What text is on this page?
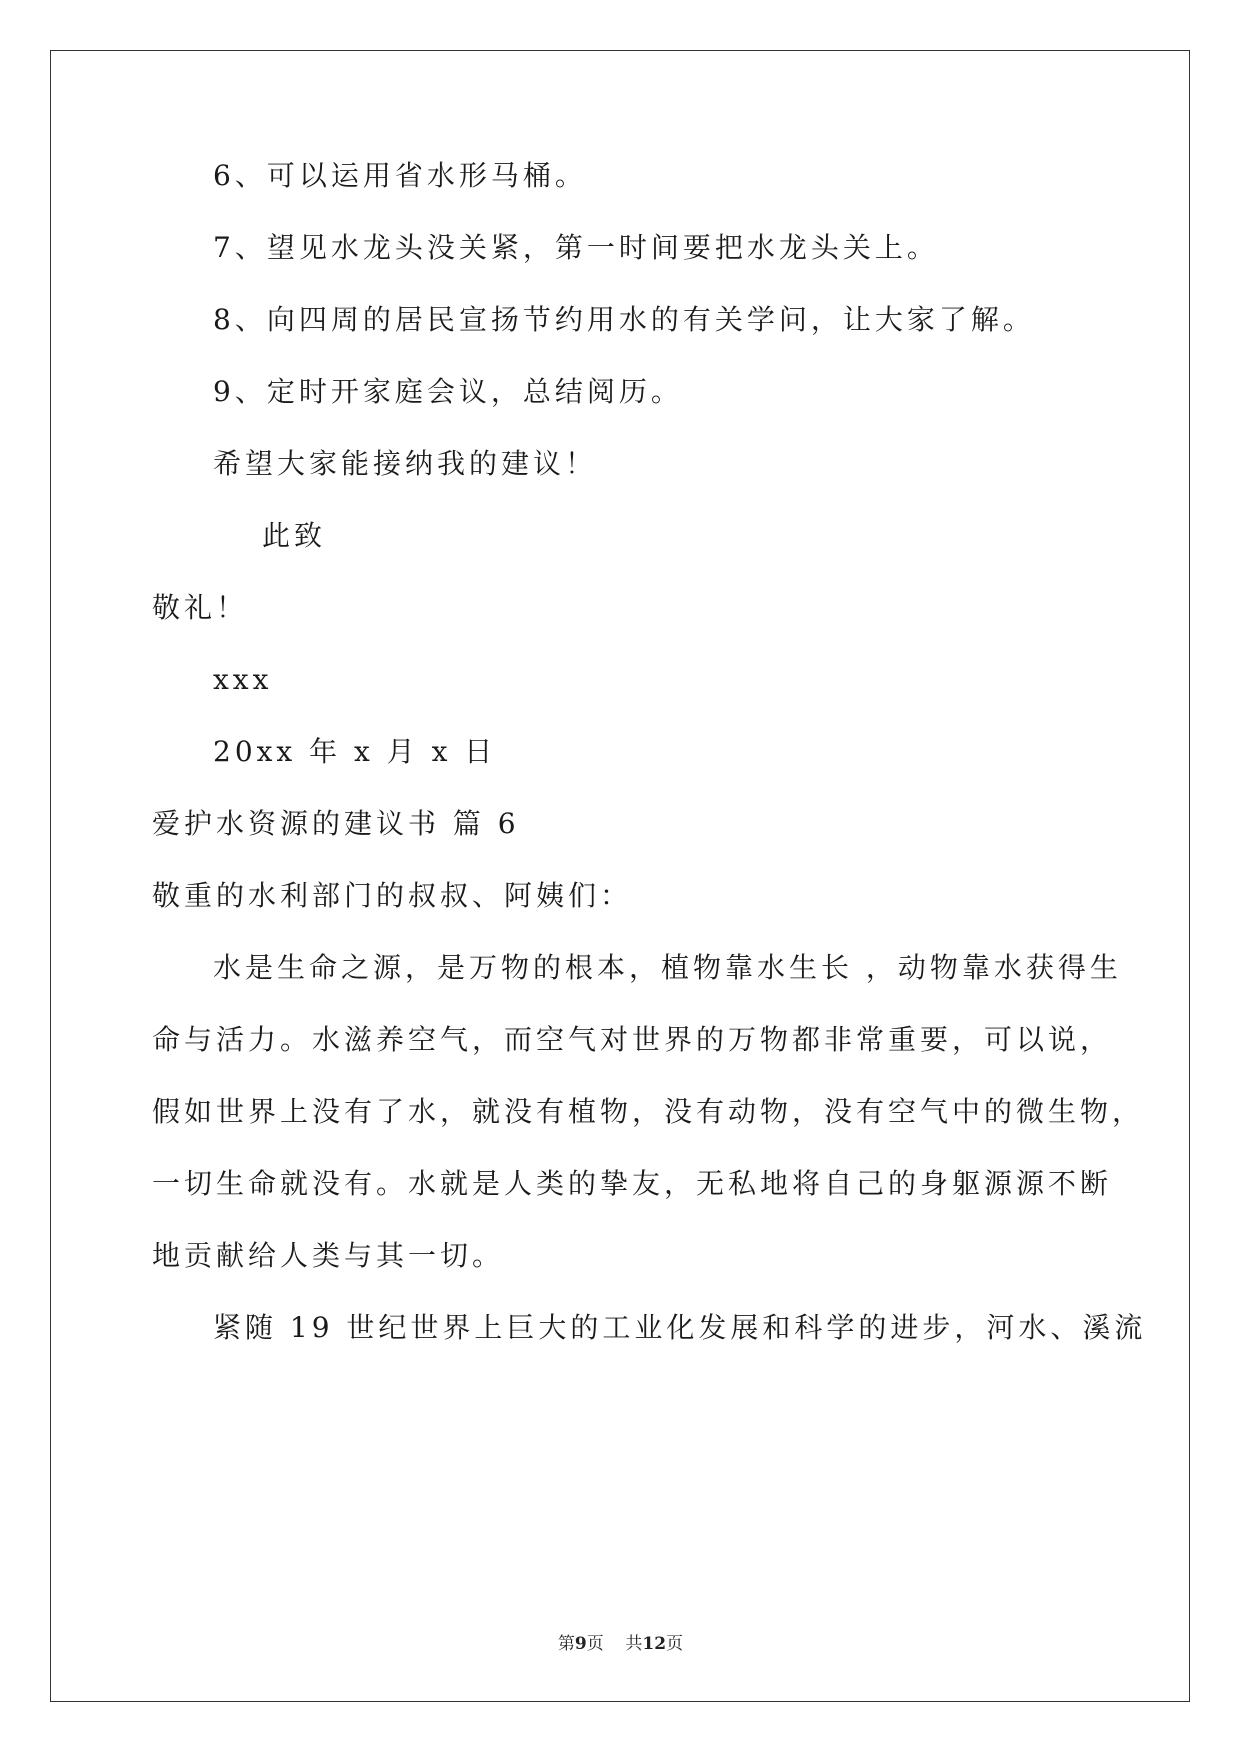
6、可以运用省水形马桶。
7、望见水龙头没关紧，第一时间要把水龙头关上。
8、向四周的居民宣扬节约用水的有关学问，让大家了解。
9、定时开家庭会议，总结阅历。
希望大家能接纳我的建议！
此致
敬礼！
xxx
20xx 年 x 月 x 日
爱护水资源的建议书 篇 6
敬重的水利部门的叔叔、阿姨们：
水是生命之源，是万物的根本，植物靠水生长 ，动物靠水获得生
命与活力。水滋养空气，而空气对世界的万物都非常重要，可以说，
假如世界上没有了水，就没有植物，没有动物，没有空气中的微生物，
一切生命就没有。水就是人类的挚友，无私地将自己的身躯源源不断
地贡献给人类与其一切。
紧随 19 世纪世界上巨大的工业化发展和科学的进步，河水、溪流
第9页    共12页
